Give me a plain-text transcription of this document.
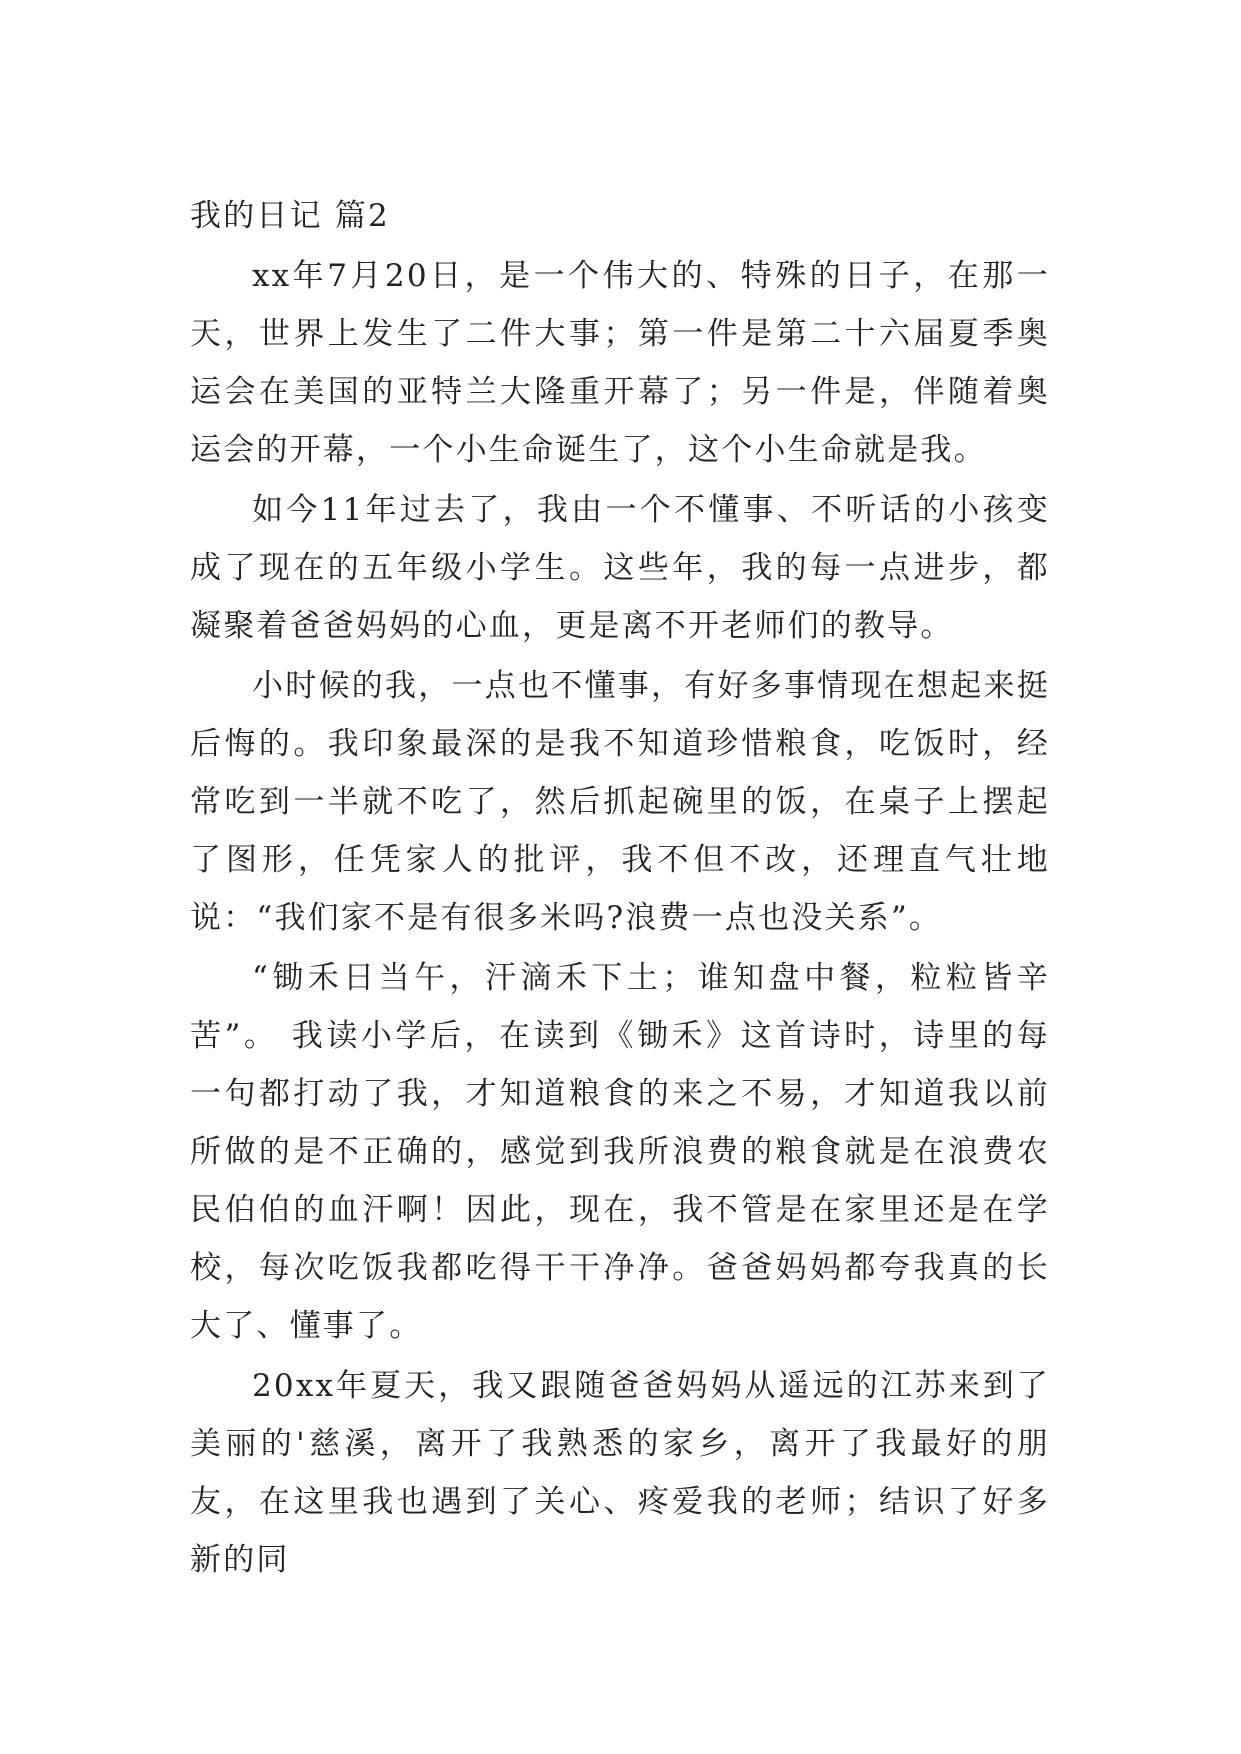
我的日记 篇2

xx年7月20日，是一个伟大的、特殊的日子，在那一天，世界上发生了二件大事；第一件是第二十六届夏季奥运会在美国的亚特兰大隆重开幕了；另一件是，伴随着奥运会的开幕，一个小生命诞生了，这个小生命就是我。

如今11年过去了，我由一个不懂事、不听话的小孩变成了现在的五年级小学生。这些年，我的每一点进步，都凝聚着爸爸妈妈的心血，更是离不开老师们的教导。

小时候的我，一点也不懂事，有好多事情现在想起来挺后悔的。我印象最深的是我不知道珍惜粮食，吃饭时，经常吃到一半就不吃了，然后抓起碗里的饭，在桌子上摆起了图形，任凭家人的批评，我不但不改，还理直气壮地说：“我们家不是有很多米吗?浪费一点也没关系”。

“锄禾日当午，汗滴禾下土；谁知盘中餐，粒粒皆辛苦”。 我读小学后，在读到《锄禾》这首诗时，诗里的每一句都打动了我，才知道粮食的来之不易，才知道我以前所做的是不正确的，感觉到我所浪费的粮食就是在浪费农民伯伯的血汗啊！因此，现在，我不管是在家里还是在学校，每次吃饭我都吃得干干净净。爸爸妈妈都夸我真的长大了、懂事了。

20xx年夏天，我又跟随爸爸妈妈从遥远的江苏来到了美丽的'慈溪，离开了我熟悉的家乡，离开了我最好的朋友，在这里我也遇到了关心、疼爱我的老师；结识了好多新的同
